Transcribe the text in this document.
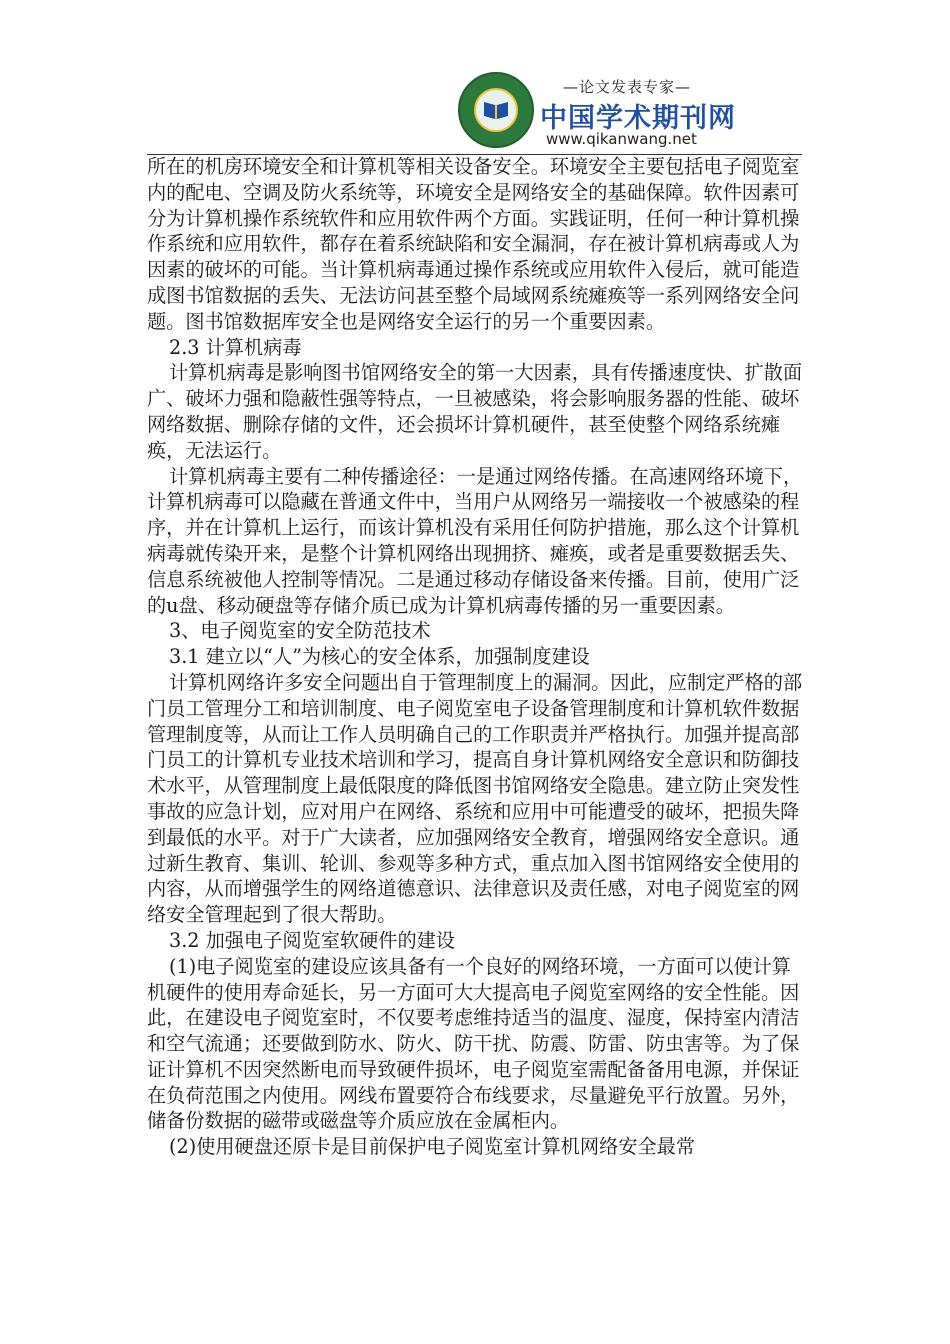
—论文发表专家—
中国学术期刊网
www.qikanwang.net

所在的机房环境安全和计算机等相关设备安全。环境安全主要包括电子阅览室内的配电、空调及防火系统等，环境安全是网络安全的基础保障。软件因素可分为计算机操作系统软件和应用软件两个方面。实践证明，任何一种计算机操作系统和应用软件，都存在着系统缺陷和安全漏洞，存在被计算机病毒或人为因素的破坏的可能。当计算机病毒通过操作系统或应用软件入侵后，就可能造成图书馆数据的丢失、无法访问甚至整个局域网系统瘫痪等一系列网络安全问题。图书馆数据库安全也是网络安全运行的另一个重要因素。

2.3 计算机病毒

计算机病毒是影响图书馆网络安全的第一大因素，具有传播速度快、扩散面广、破坏力强和隐蔽性强等特点，一旦被感染，将会影响服务器的性能、破坏网络数据、删除存储的文件，还会损坏计算机硬件，甚至使整个网络系统瘫痪，无法运行。

计算机病毒主要有二种传播途径：一是通过网络传播。在高速网络环境下，计算机病毒可以隐藏在普通文件中，当用户从网络另一端接收一个被感染的程序，并在计算机上运行，而该计算机没有采用任何防护措施，那么这个计算机病毒就传染开来，是整个计算机网络出现拥挤、瘫痪，或者是重要数据丢失、信息系统被他人控制等情况。二是通过移动存储设备来传播。目前，使用广泛的u盘、移动硬盘等存储介质已成为计算机病毒传播的另一重要因素。

3、电子阅览室的安全防范技术

3.1 建立以“人”为核心的安全体系，加强制度建设

计算机网络许多安全问题出自于管理制度上的漏洞。因此，应制定严格的部门员工管理分工和培训制度、电子阅览室电子设备管理制度和计算机软件数据管理制度等，从而让工作人员明确自己的工作职责并严格执行。加强并提高部门员工的计算机专业技术培训和学习，提高自身计算机网络安全意识和防御技术水平，从管理制度上最低限度的降低图书馆网络安全隐患。建立防止突发性事故的应急计划，应对用户在网络、系统和应用中可能遭受的破坏，把损失降到最低的水平。对于广大读者，应加强网络安全教育，增强网络安全意识。通过新生教育、集训、轮训、参观等多种方式，重点加入图书馆网络安全使用的内容，从而增强学生的网络道德意识、法律意识及责任感，对电子阅览室的网络安全管理起到了很大帮助。

3.2 加强电子阅览室软硬件的建设

(1)电子阅览室的建设应该具备有一个良好的网络环境，一方面可以使计算机硬件的使用寿命延长，另一方面可大大提高电子阅览室网络的安全性能。因此，在建设电子阅览室时，不仅要考虑维持适当的温度、湿度，保持室内清洁和空气流通；还要做到防水、防火、防干扰、防震、防雷、防虫害等。为了保证计算机不因突然断电而导致硬件损坏，电子阅览室需配备备用电源，并保证在负荷范围之内使用。网线布置要符合布线要求，尽量避免平行放置。另外，储备份数据的磁带或磁盘等介质应放在金属柜内。

(2)使用硬盘还原卡是目前保护电子阅览室计算机网络安全最常
